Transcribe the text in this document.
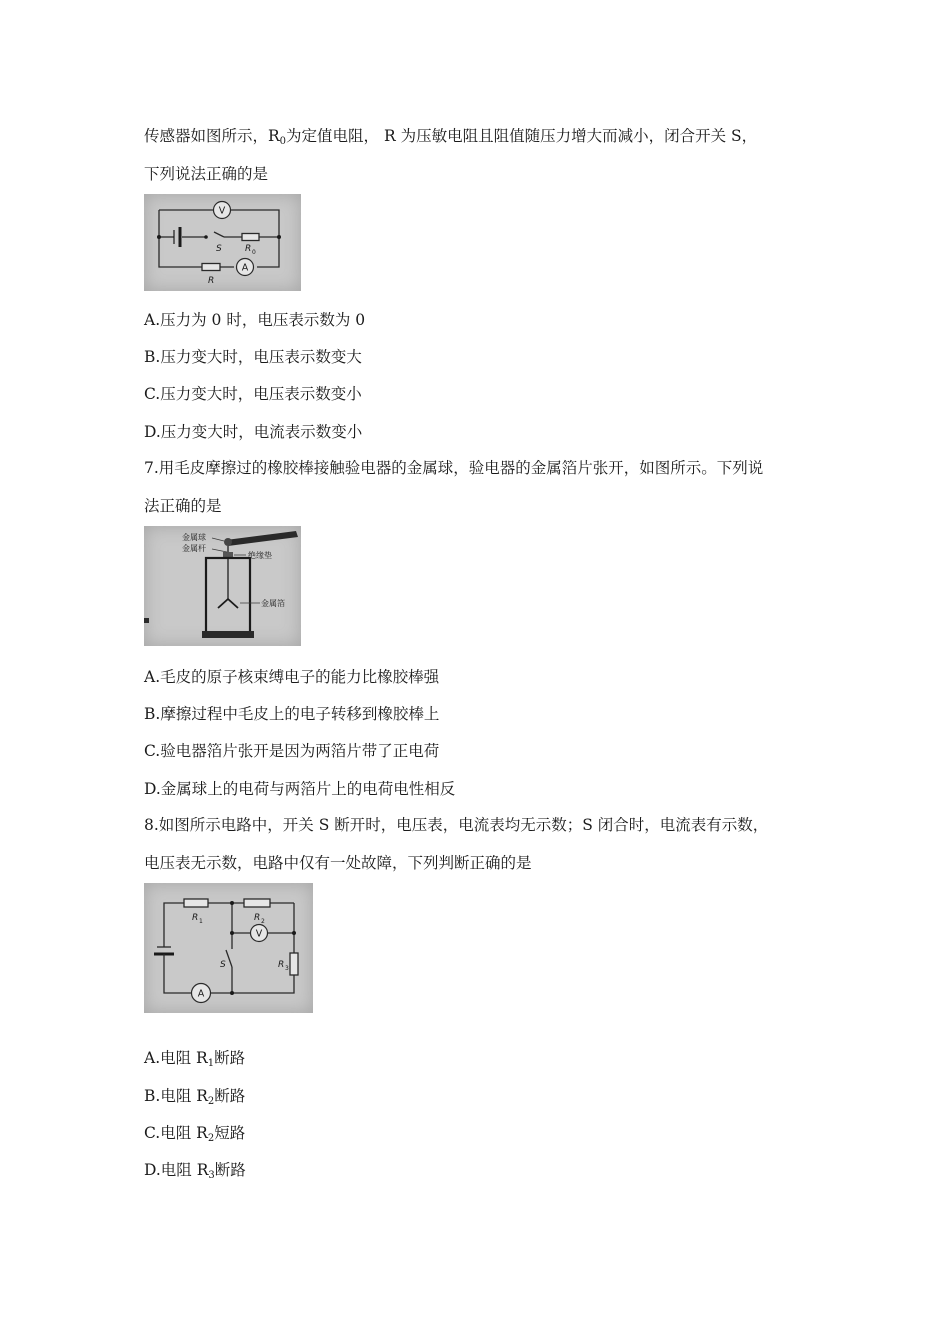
传感器如图所示，$R_0$为定值电阻， R 为压敏电阻且阻值随压力增大而减小，闭合开关 S，
下列说法正确的是
V
A
S	R 0
R
A.压力为 0 时，电压表示数为 0
B.压力变大时，电压表示数变大
C.压力变大时，电压表示数变小
D.压力变大时，电流表示数变小
7.用毛皮摩擦过的橡胶棒接触验电器的金属球，验电器的金属箔片张开，如图所示。下列说
法正确的是
金属球
金属杆
绝缘垫
金属箔
A.毛皮的原子核束缚电子的能力比橡胶棒强
B.摩擦过程中毛皮上的电子转移到橡胶棒上
C.验电器箔片张开是因为两箔片带了正电荷
D.金属球上的电荷与两箔片上的电荷电性相反
8.如图所示电路中，开关 S 断开时，电压表，电流表均无示数；S 闭合时，电流表有示数，
电压表无示数，电路中仅有一处故障，下列判断正确的是
V
A
R 1	R 2
R 3
S
A.电阻 $R_1$断路
B.电阻 $R_2$断路
C.电阻 $R_2$短路
D.电阻 $R_3$断路
